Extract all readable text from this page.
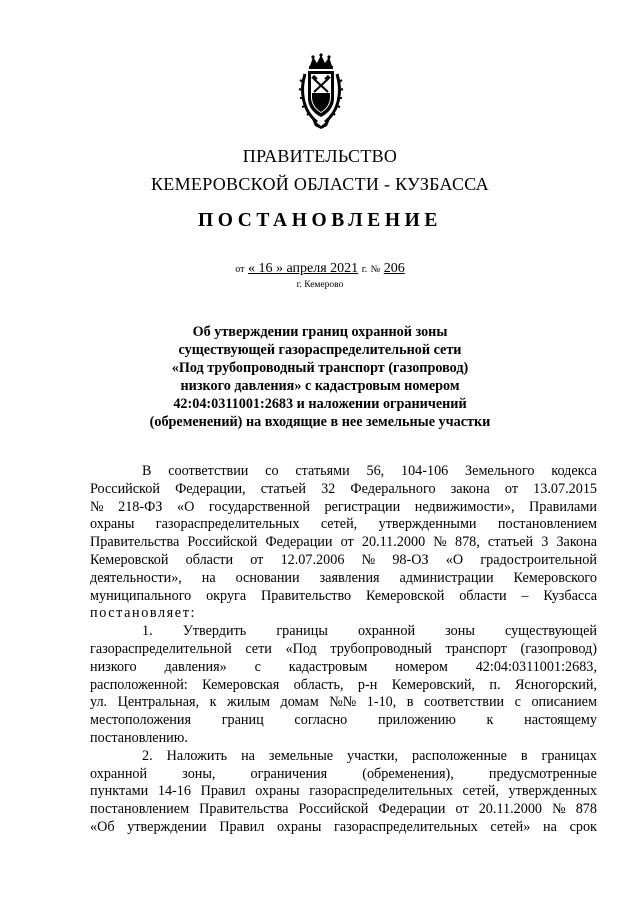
ПРАВИТЕЛЬСТВО
КЕМЕРОВСКОЙ ОБЛАСТИ - КУЗБАССА
ПОСТАНОВЛЕНИЕ
от « 16 » апреля 2021 г. № 206
г. Кемерово
Об утверждении границ охранной зоны
существующей газораспределительной сети
«Под трубопроводный транспорт (газопровод)
низкого давления» с кадастровым номером
42:04:0311001:2683 и наложении ограничений
(обременений) на входящие в нее земельные участки
В соответствии со статьями 56, 104-106 Земельного кодекса
Российской Федерации, статьей 32 Федерального закона от 13.07.2015
№ 218-ФЗ «О государственной регистрации недвижимости», Правилами
охраны газораспределительных сетей, утвержденными постановлением
Правительства Российской Федерации от 20.11.2000 № 878, статьей 3 Закона
Кемеровской области от 12.07.2006 № 98-ОЗ «О градостроительной
деятельности», на основании заявления администрации Кемеровского
муниципального округа Правительство Кемеровской области – Кузбасса
постановляет:
1. Утвердить границы охранной зоны существующей
газораспределительной сети «Под трубопроводный транспорт (газопровод)
низкого давления» с кадастровым номером 42:04:0311001:2683,
расположенной: Кемеровская область, р-н Кемеровский, п. Ясногорский,
ул. Центральная, к жилым домам №№ 1-10, в соответствии с описанием
местоположения границ согласно приложению к настоящему
постановлению.
2. Наложить на земельные участки, расположенные в границах
охранной зоны, ограничения (обременения), предусмотренные
пунктами 14-16 Правил охраны газораспределительных сетей, утвержденных
постановлением Правительства Российской Федерации от 20.11.2000 № 878
«Об утверждении Правил охраны газораспределительных сетей» на срок
